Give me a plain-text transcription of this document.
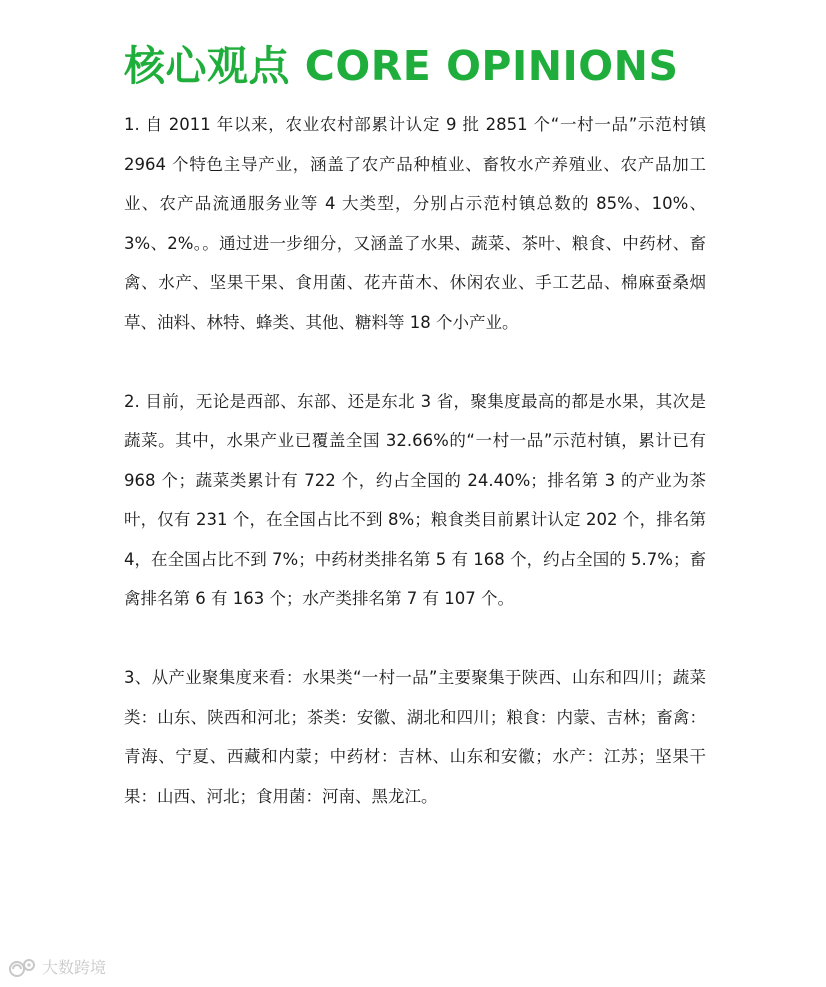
核心观点 CORE OPINIONS

1. 自 2011 年以来，农业农村部累计认定 9 批 2851 个“一村一品”示范村镇 2964 个特色主导产业，涵盖了农产品种植业、畜牧水产养殖业、农产品加工业、农产品流通服务业等 4 大类型，分别占示范村镇总数的 85%、10%、3%、2%。。通过进一步细分，又涵盖了水果、蔬菜、茶叶、粮食、中药材、畜禽、水产、坚果干果、食用菌、花卉苗木、休闲农业、手工艺品、棉麻蚕桑烟草、油料、林特、蜂类、其他、糖料等 18 个小产业。

2. 目前，无论是西部、东部、还是东北 3 省，聚集度最高的都是水果，其次是蔬菜。其中，水果产业已覆盖全国 32.66%的“一村一品”示范村镇，累计已有 968 个；蔬菜类累计有 722 个，约占全国的 24.40%；排名第 3 的产业为茶叶，仅有 231 个，在全国占比不到 8%；粮食类目前累计认定 202 个，排名第 4，在全国占比不到 7%；中药材类排名第 5 有 168 个，约占全国的 5.7%；畜禽排名第 6 有 163 个；水产类排名第 7 有 107 个。

3、从产业聚集度来看：水果类“一村一品”主要聚集于陕西、山东和四川；蔬菜类：山东、陕西和河北；茶类：安徽、湖北和四川；粮食：内蒙、吉林；畜禽：青海、宁夏、西藏和内蒙；中药材：吉林、山东和安徽；水产：江苏；坚果干果：山西、河北；食用菌：河南、黑龙江。

大数跨境
